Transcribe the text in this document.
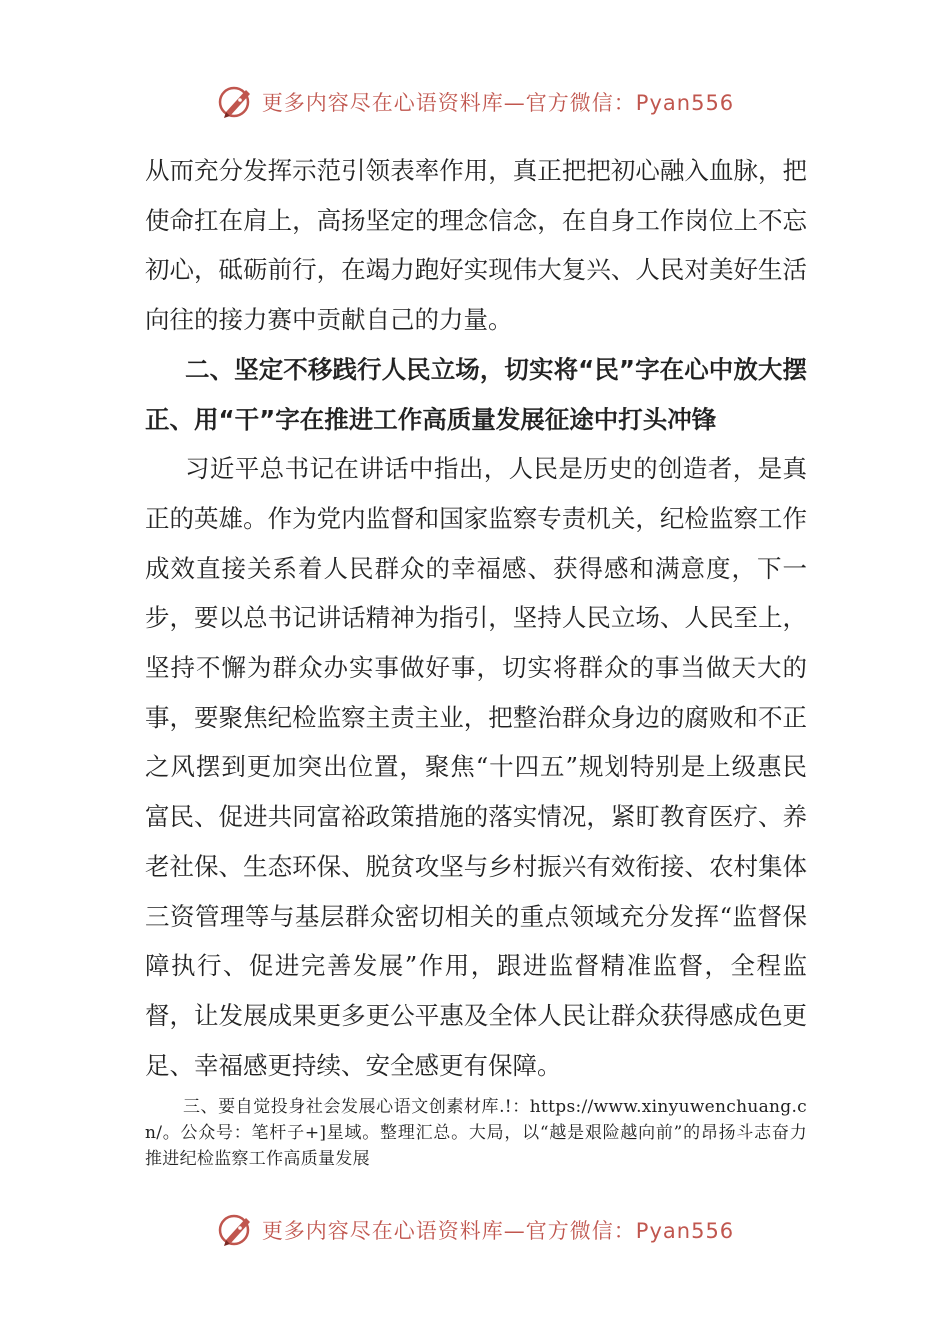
更多内容尽在心语资料库—官方微信：Pyan556

从而充分发挥示范引领表率作用，真正把把初心融入血脉，把使命扛在肩上，高扬坚定的理念信念，在自身工作岗位上不忘初心，砥砺前行，在竭力跑好实现伟大复兴、人民对美好生活向往的接力赛中贡献自己的力量。

二、坚定不移践行人民立场，切实将“民”字在心中放大摆正、用“干”字在推进工作高质量发展征途中打头冲锋

习近平总书记在讲话中指出，人民是历史的创造者，是真正的英雄。作为党内监督和国家监察专责机关，纪检监察工作成效直接关系着人民群众的幸福感、获得感和满意度，下一步，要以总书记讲话精神为指引，坚持人民立场、人民至上，坚持不懈为群众办实事做好事，切实将群众的事当做天大的事，要聚焦纪检监察主责主业，把整治群众身边的腐败和不正之风摆到更加突出位置，聚焦“十四五”规划特别是上级惠民富民、促进共同富裕政策措施的落实情况，紧盯教育医疗、养老社保、生态环保、脱贫攻坚与乡村振兴有效衔接、农村集体三资管理等与基层群众密切相关的重点领域充分发挥“监督保障执行、促进完善发展”作用，跟进监督精准监督，全程监督，让发展成果更多更公平惠及全体人民让群众获得感成色更足、幸福感更持续、安全感更有保障。

三、要自觉投身社会发展心语文创素材库.!：https://www.xinyuwenchuang.cn/。公众号：笔杆子+]星域。整理汇总。大局，以“越是艰险越向前”的昂扬斗志奋力推进纪检监察工作高质量发展

更多内容尽在心语资料库—官方微信：Pyan556
